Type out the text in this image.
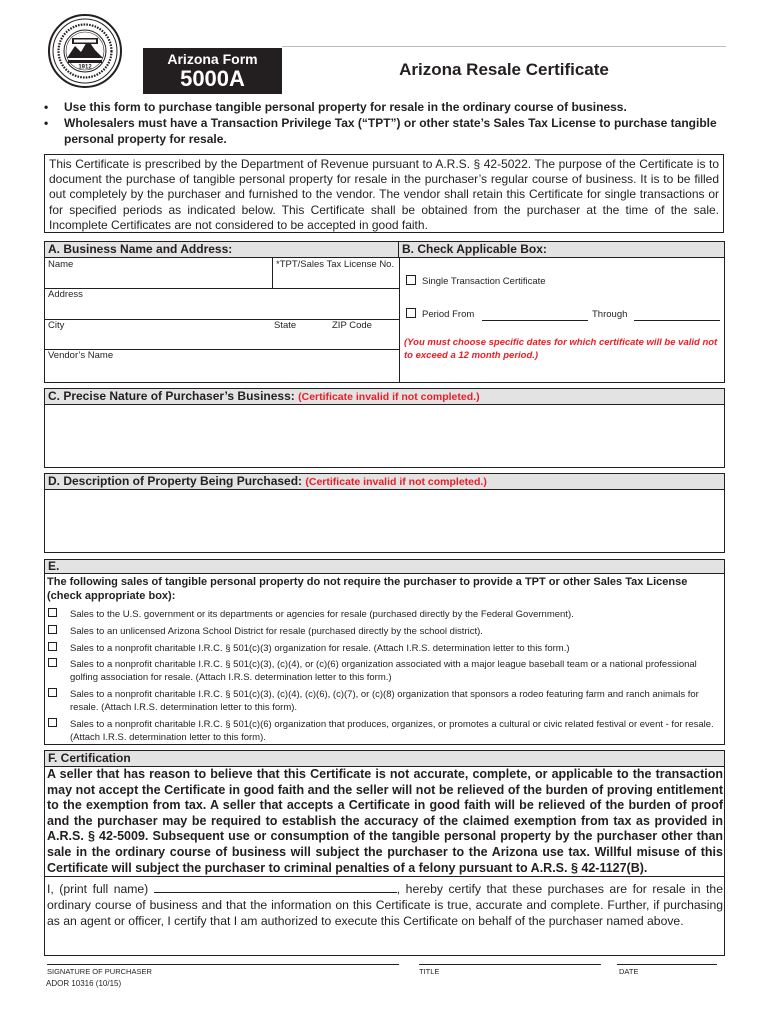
1912
Arizona Form
5000A	Arizona Resale Certificate
• Use this form to purchase tangible personal property for resale in the ordinary course of business.
• Wholesalers must have a Transaction Privilege Tax (“TPT”) or other state’s Sales Tax License to purchase tangible personal property for resale.
This Certificate is prescribed by the Department of Revenue pursuant to A.R.S. § 42-5022. The purpose of the Certificate is to document the purchase of tangible personal property for resale in the purchaser’s regular course of business. It is to be filled out completely by the purchaser and furnished to the vendor. The vendor shall retain this Certificate for single transactions or for specified periods as indicated below. This Certificate shall be obtained from the purchaser at the time of the sale. Incomplete Certificates are not considered to be accepted in good faith.
A. Business Name and Address:	B. Check Applicable Box:
Name	*TPT/Sales Tax License No.
Address
City	State	ZIP Code
Vendor’s Name
Single Transaction Certificate
Period From	Through
(You must choose specific dates for which certificate will be valid not to exceed a 12 month period.)
C. Precise Nature of Purchaser’s Business: (Certificate invalid if not completed.)
D. Description of Property Being Purchased: (Certificate invalid if not completed.)
E.
The following sales of tangible personal property do not require the purchaser to provide a TPT or other Sales Tax License (check appropriate box):
Sales to the U.S. government or its departments or agencies for resale (purchased directly by the Federal Government).
Sales to an unlicensed Arizona School District for resale (purchased directly by the school district).
Sales to a nonprofit charitable I.R.C. § 501(c)(3) organization for resale. (Attach I.R.S. determination letter to this form.)
Sales to a nonprofit charitable I.R.C. § 501(c)(3), (c)(4), or (c)(6) organization associated with a major league baseball team or a national professional golfing association for resale. (Attach I.R.S. determination letter to this form.)
Sales to a nonprofit charitable I.R.C. § 501(c)(3), (c)(4), (c)(6), (c)(7), or (c)(8) organization that sponsors a rodeo featuring farm and ranch animals for resale. (Attach I.R.S. determination letter to this form).
Sales to a nonprofit charitable I.R.C. § 501(c)(6) organization that produces, organizes, or promotes a cultural or civic related festival or event - for resale. (Attach I.R.S. determination letter to this form).
F. Certification
A seller that has reason to believe that this Certificate is not accurate, complete, or applicable to the transaction may not accept the Certificate in good faith and the seller will not be relieved of the burden of proving entitlement to the exemption from tax. A seller that accepts a Certificate in good faith will be relieved of the burden of proof and the purchaser may be required to establish the accuracy of the claimed exemption from tax as provided in A.R.S. § 42-5009. Subsequent use or consumption of the tangible personal property by the purchaser other than sale in the ordinary course of business will subject the purchaser to the Arizona use tax. Willful misuse of this Certificate will subject the purchaser to criminal penalties of a felony pursuant to A.R.S. § 42-1127(B).
I, (print full name)	, hereby certify that these purchases are for resale in the ordinary course of business and that the information on this Certificate is true, accurate and complete. Further, if purchasing as an agent or officer, I certify that I am authorized to execute this Certificate on behalf of the purchaser named above.
SIGNATURE OF PURCHASER	TITLE	DATE
ADOR 10316 (10/15)
